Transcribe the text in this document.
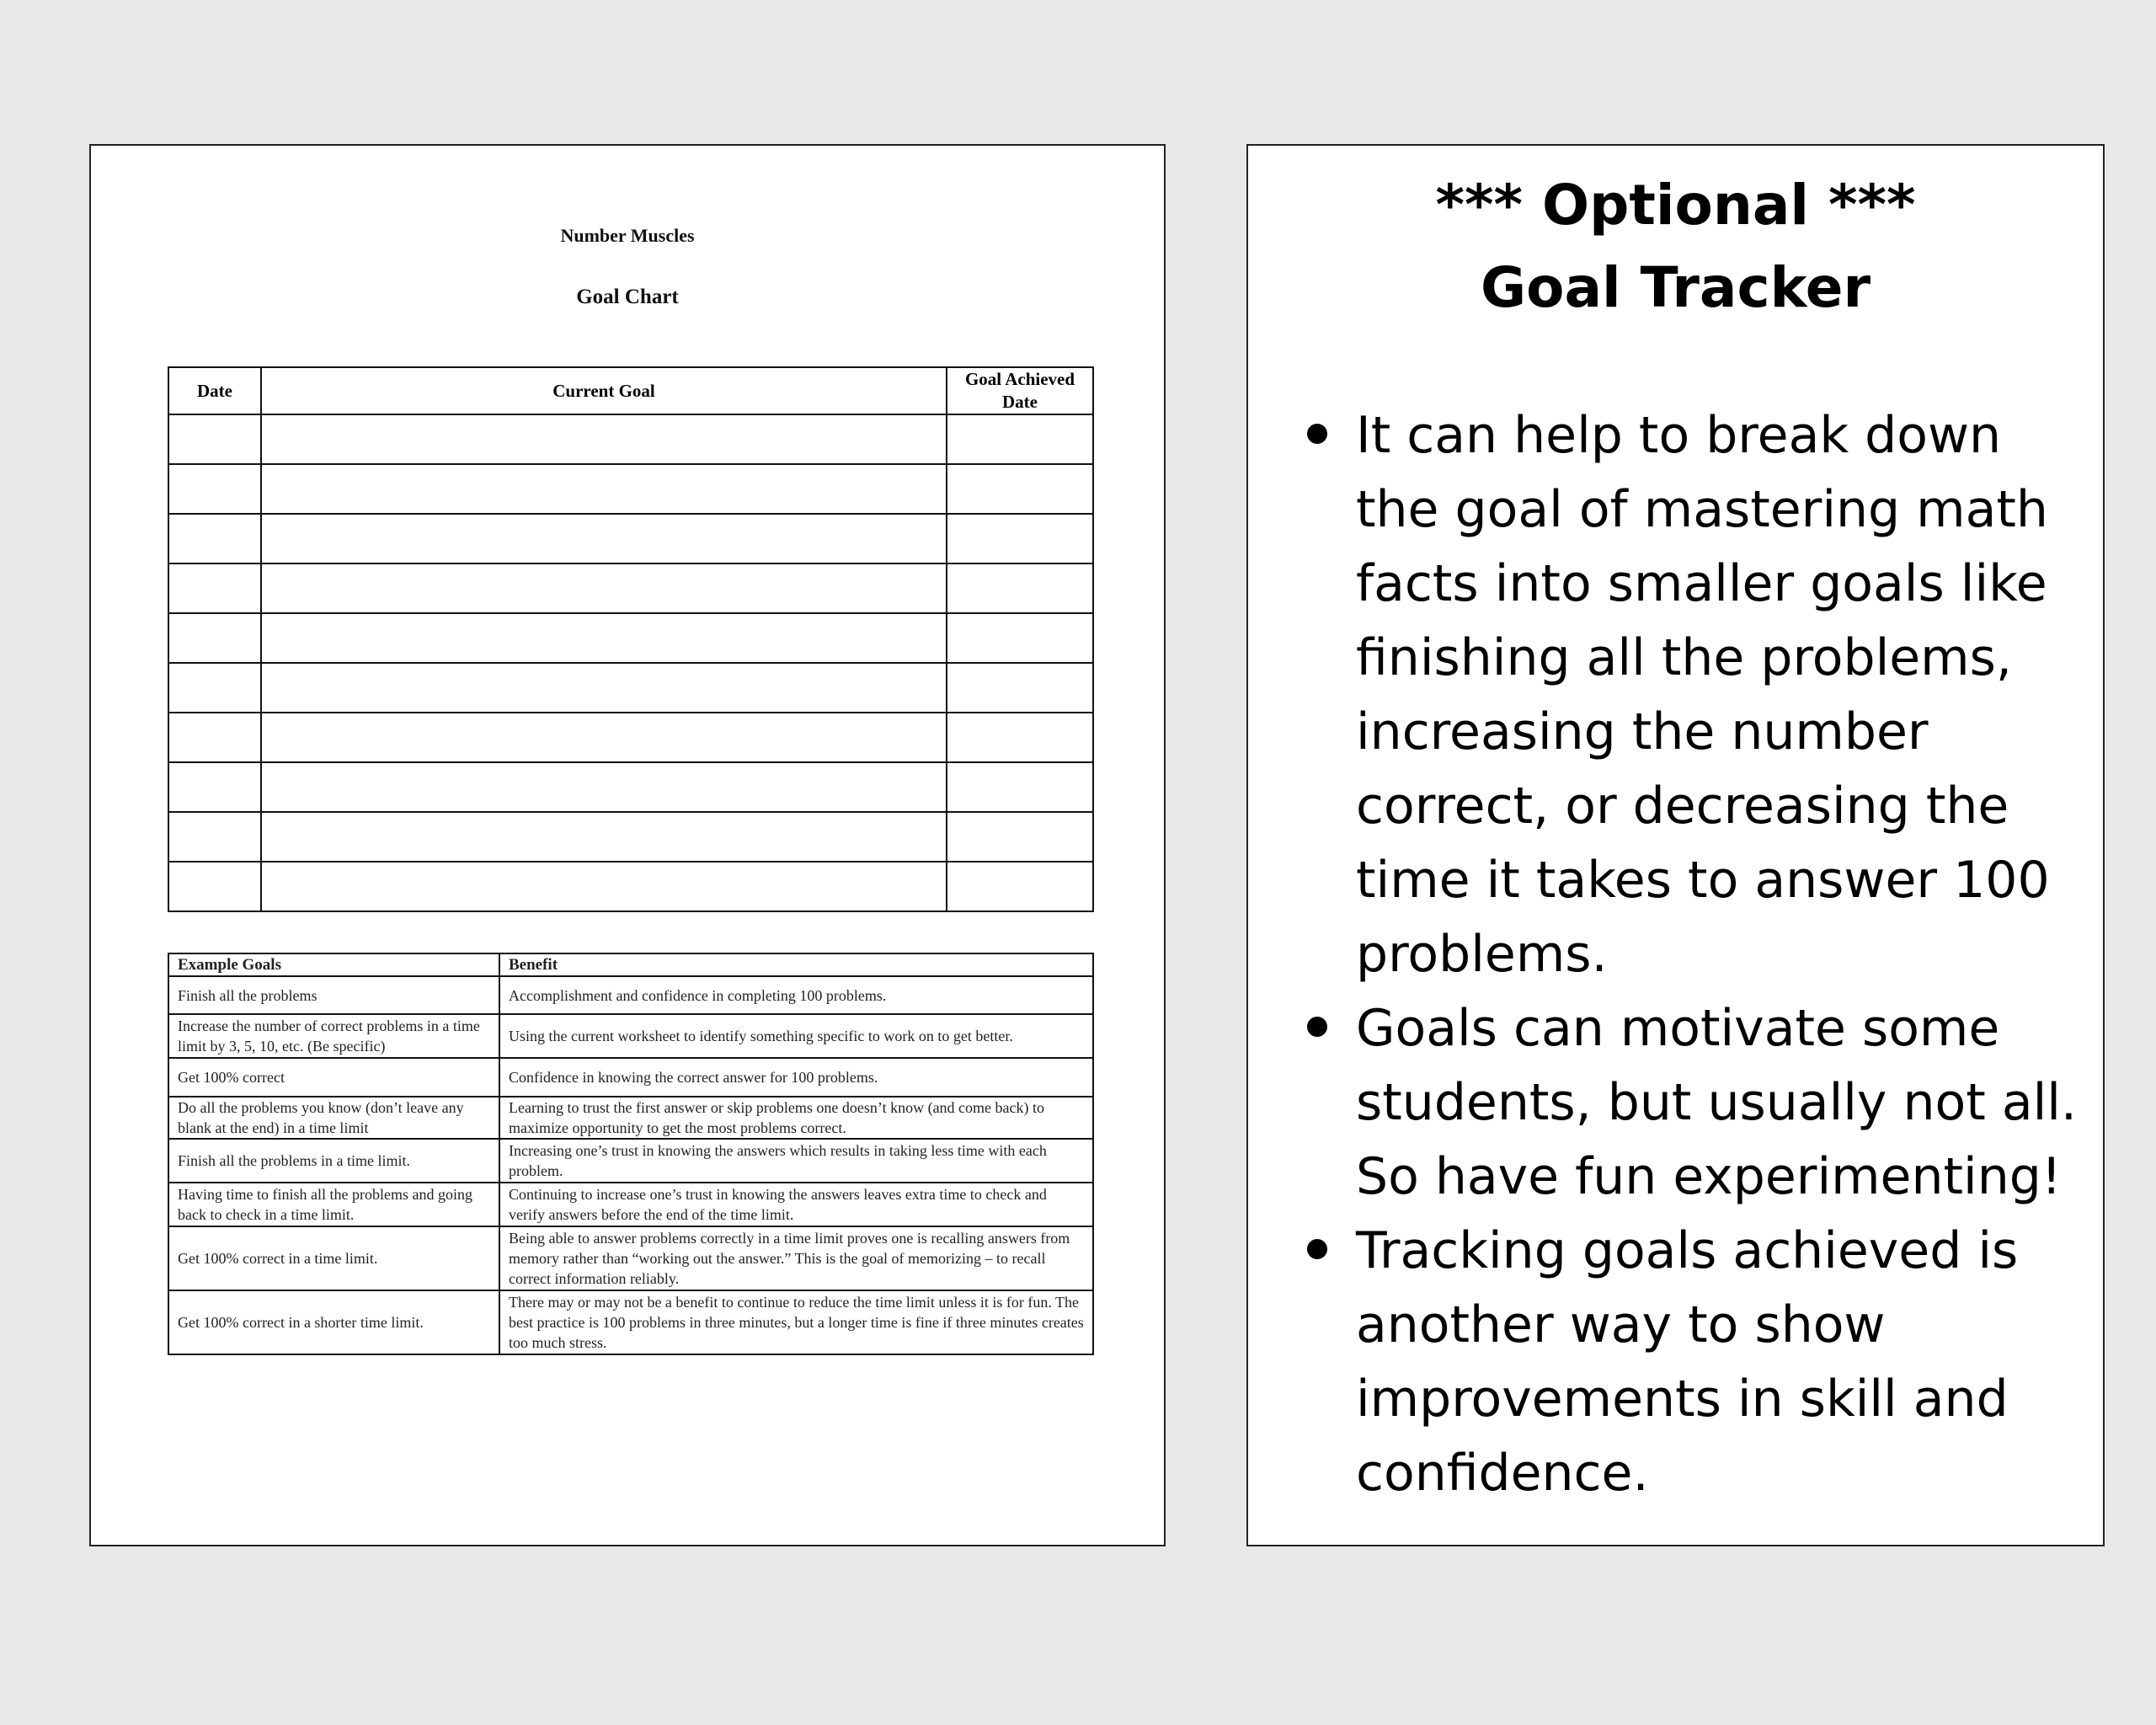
Number Muscles
Goal Chart
Date	Current Goal	Goal Achieved Date

Example Goals	Benefit
Finish all the problems	Accomplishment and confidence in completing 100 problems.
Increase the number of correct problems in a time limit by 3, 5, 10, etc. (Be specific)	Using the current worksheet to identify something specific to work on to get better.
Get 100% correct	Confidence in knowing the correct answer for 100 problems.
Do all the problems you know (don’t leave any blank at the end) in a time limit	Learning to trust the first answer or skip problems one doesn’t know (and come back) to maximize opportunity to get the most problems correct.
Finish all the problems in a time limit.	Increasing one’s trust in knowing the answers which results in taking less time with each problem.
Having time to finish all the problems and going back to check in a time limit.	Continuing to increase one’s trust in knowing the answers leaves extra time to check and verify answers before the end of the time limit.
Get 100% correct in a time limit.	Being able to answer problems correctly in a time limit proves one is recalling answers from memory rather than “working out the answer.” This is the goal of memorizing – to recall correct information reliably.
Get 100% correct in a shorter time limit.	There may or may not be a benefit to continue to reduce the time limit unless it is for fun. The best practice is 100 problems in three minutes, but a longer time is fine if three minutes creates too much stress.
*** Optional ***
Goal Tracker
It can help to break down the goal of mastering math facts into smaller goals like finishing all the problems, increasing the number correct, or decreasing the time it takes to answer 100 problems.
Goals can motivate some students, but usually not all. So have fun experimenting!
Tracking goals achieved is another way to show improvements in skill and confidence.
